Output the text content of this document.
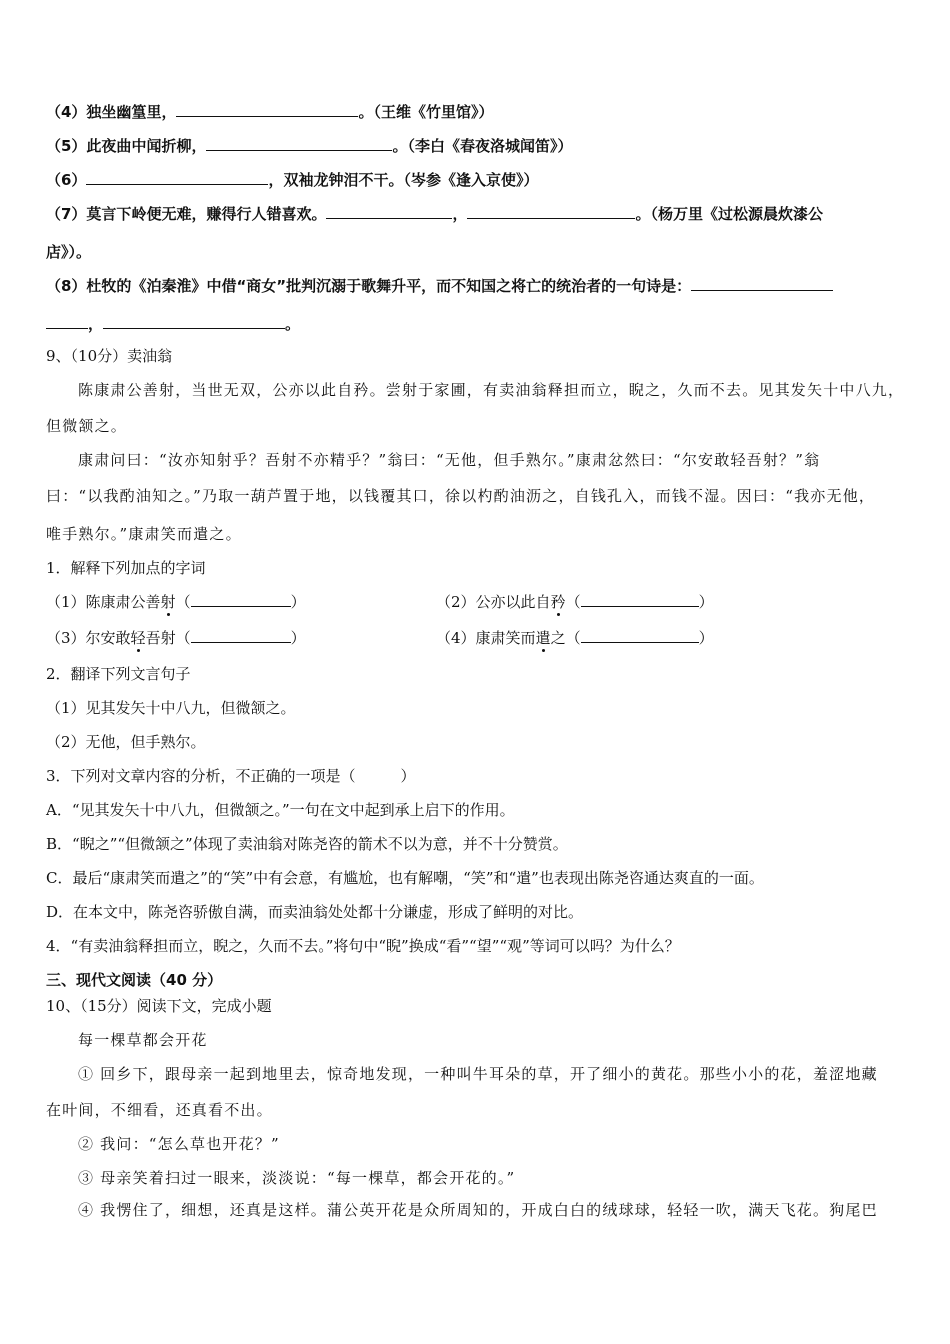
（4）独坐幽篁里，	。（王维《竹里馆》）
（5）此夜曲中闻折柳，	。（李白《春夜洛城闻笛》）
（6）	，双袖龙钟泪不干。（岑参《逢入京使》）
（7）莫言下岭便无难，赚得行人错喜欢。	，	。（杨万里《过松源晨炊漆公
店》）。
（8）杜牧的《泊秦淮》中借“商女”批判沉溺于歌舞升平，而不知国之将亡的统治者的一句诗是：
，	。
9、（10分）卖油翁
陈康肃公善射，当世无双，公亦以此自矜。尝射于家圃，有卖油翁释担而立，睨之，久而不去。见其发矢十中八九，
但微颔之。
康肃问曰：“汝亦知射乎？吾射不亦精乎？”翁曰：“无他，但手熟尔。”康肃忿然曰：“尔安敢轻吾射？”翁
曰：“以我酌油知之。”乃取一葫芦置于地，以钱覆其口，徐以杓酌油沥之，自钱孔入，而钱不湿。因曰：“我亦无他，
唯手熟尔。”康肃笑而遣之。
1．解释下列加点的字词
（1）陈康肃公善射（	）	（2）公亦以此自矜（	）
（3）尔安敢轻吾射（	）	（4）康肃笑而遣之（	）
2．翻译下列文言句子
（1）见其发矢十中八九，但微颔之。
（2）无他，但手熟尔。
3．下列对文章内容的分析，不正确的一项是（　　　）
A．“见其发矢十中八九，但微颔之。”一句在文中起到承上启下的作用。
B．“睨之”“但微颔之”体现了卖油翁对陈尧咨的箭术不以为意，并不十分赞赏。
C．最后“康肃笑而遣之”的“笑”中有会意，有尴尬，也有解嘲，“笑”和“遣”也表现出陈尧咨通达爽直的一面。
D．在本文中，陈尧咨骄傲自满，而卖油翁处处都十分谦虚，形成了鲜明的对比。
4．“有卖油翁释担而立，睨之，久而不去。”将句中“睨”换成“看”“望”“观”等词可以吗？为什么？
三、现代文阅读（40 分）
10、（15分）阅读下文，完成小题
每一棵草都会开花
① 回乡下，跟母亲一起到地里去，惊奇地发现，一种叫牛耳朵的草，开了细小的黄花。那些小小的花，羞涩地藏
在叶间，不细看，还真看不出。
② 我问：“怎么草也开花？”
③ 母亲笑着扫过一眼来，淡淡说：“每一棵草，都会开花的。”
④ 我愣住了，细想，还真是这样。蒲公英开花是众所周知的，开成白白的绒球球，轻轻一吹，满天飞花。狗尾巴
